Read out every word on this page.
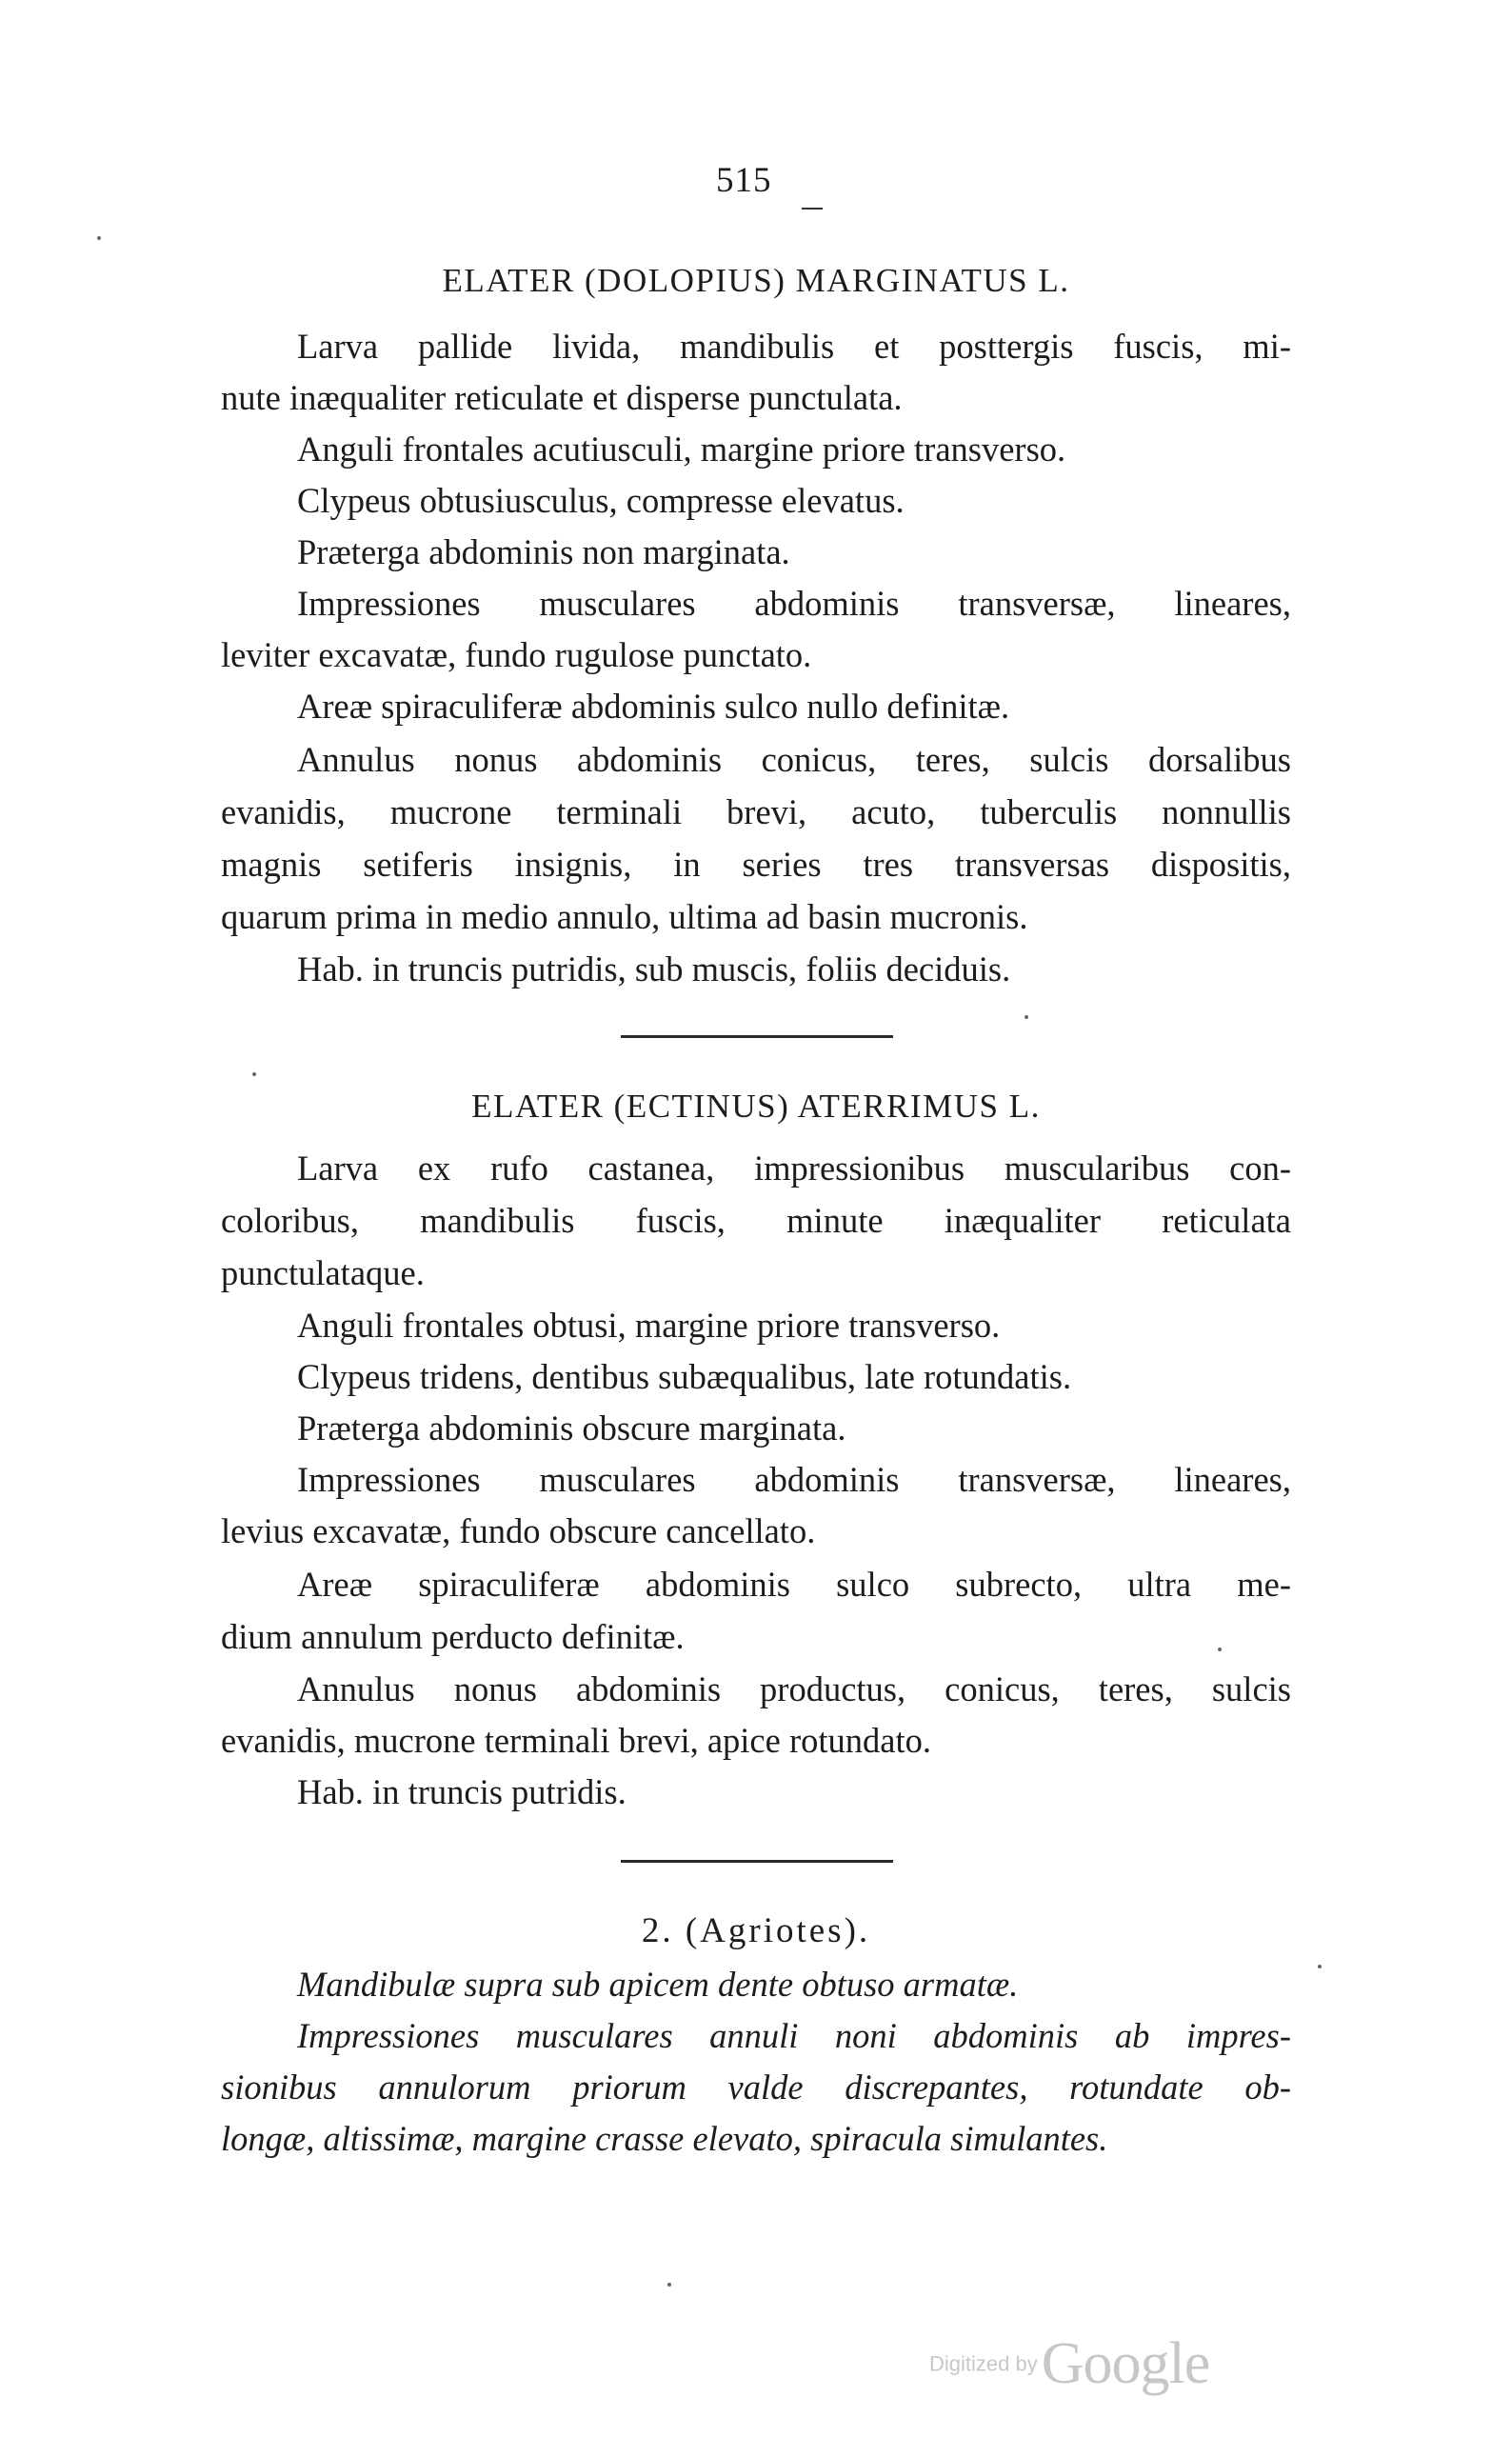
515
ELATER (DOLOPIUS) MARGINATUS L.
Larva pallide livida, mandibulis et posttergis fuscis, mi-
nute inæqualiter reticulate et disperse punctulata.
Anguli frontales acutiusculi, margine priore transverso.
Clypeus obtusiusculus, compresse elevatus.
Præterga abdominis non marginata.
Impressiones musculares abdominis transversæ, lineares,
leviter excavatæ, fundo rugulose punctato.
Areæ spiraculiferæ abdominis sulco nullo definitæ.
Annulus nonus abdominis conicus, teres, sulcis dorsalibus
evanidis, mucrone terminali brevi, acuto, tuberculis nonnullis
magnis setiferis insignis, in series tres transversas dispositis,
quarum prima in medio annulo, ultima ad basin mucronis.
Hab. in truncis putridis, sub muscis, foliis deciduis.
ELATER (ECTINUS) ATERRIMUS L.
Larva ex rufo castanea, impressionibus muscularibus con-
coloribus, mandibulis fuscis, minute inæqualiter reticulata
punctulataque.
Anguli frontales obtusi, margine priore transverso.
Clypeus tridens, dentibus subæqualibus, late rotundatis.
Præterga abdominis obscure marginata.
Impressiones musculares abdominis transversæ, lineares,
levius excavatæ, fundo obscure cancellato.
Areæ spiraculiferæ abdominis sulco subrecto, ultra me-
dium annulum perducto definitæ.
Annulus nonus abdominis productus, conicus, teres, sulcis
evanidis, mucrone terminali brevi, apice rotundato.
Hab. in truncis putridis.
2. (Agriotes).
Mandibulæ supra sub apicem dente obtuso armatæ.
Impressiones musculares annuli noni abdominis ab impres-
sionibus annulorum priorum valde discrepantes, rotundate ob-
longæ, altissimæ, margine crasse elevato, spiracula simulantes.
Digitized by Google
